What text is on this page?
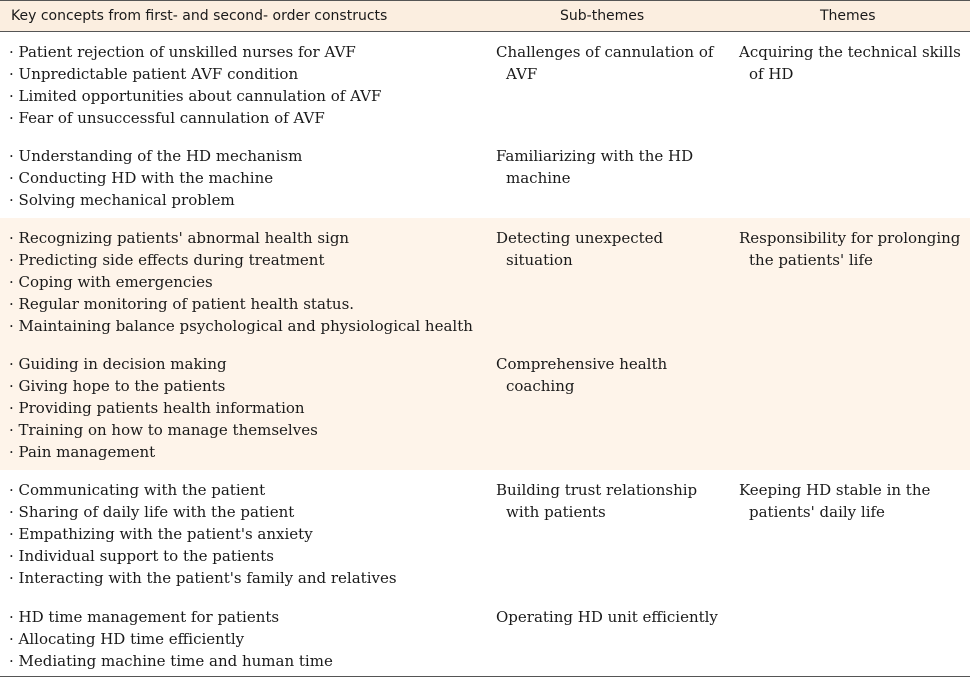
Key concepts from first- and second- order constructs	Sub-themes	Themes
· Patient rejection of unskilled nurses for AVF
· Unpredictable patient AVF condition
· Limited opportunities about cannulation of AVF
· Fear of unsuccessful cannulation of AVF
Challenges of cannulation of AVF
Acquiring the technical skills of HD
· Understanding of the HD mechanism
· Conducting HD with the machine
· Solving mechanical problem
Familiarizing with the HD machine
· Recognizing patients' abnormal health sign
· Predicting side effects during treatment
· Coping with emergencies
· Regular monitoring of patient health status.
· Maintaining balance psychological and physiological health
Detecting unexpected situation
Responsibility for prolonging the patients' life
· Guiding in decision making
· Giving hope to the patients
· Providing patients health information
· Training on how to manage themselves
· Pain management
Comprehensive health coaching
· Communicating with the patient
· Sharing of daily life with the patient
· Empathizing with the patient's anxiety
· Individual support to the patients
· Interacting with the patient's family and relatives
Building trust relationship with patients
Keeping HD stable in the patients' daily life
· HD time management for patients
· Allocating HD time efficiently
· Mediating machine time and human time
Operating HD unit efficiently
